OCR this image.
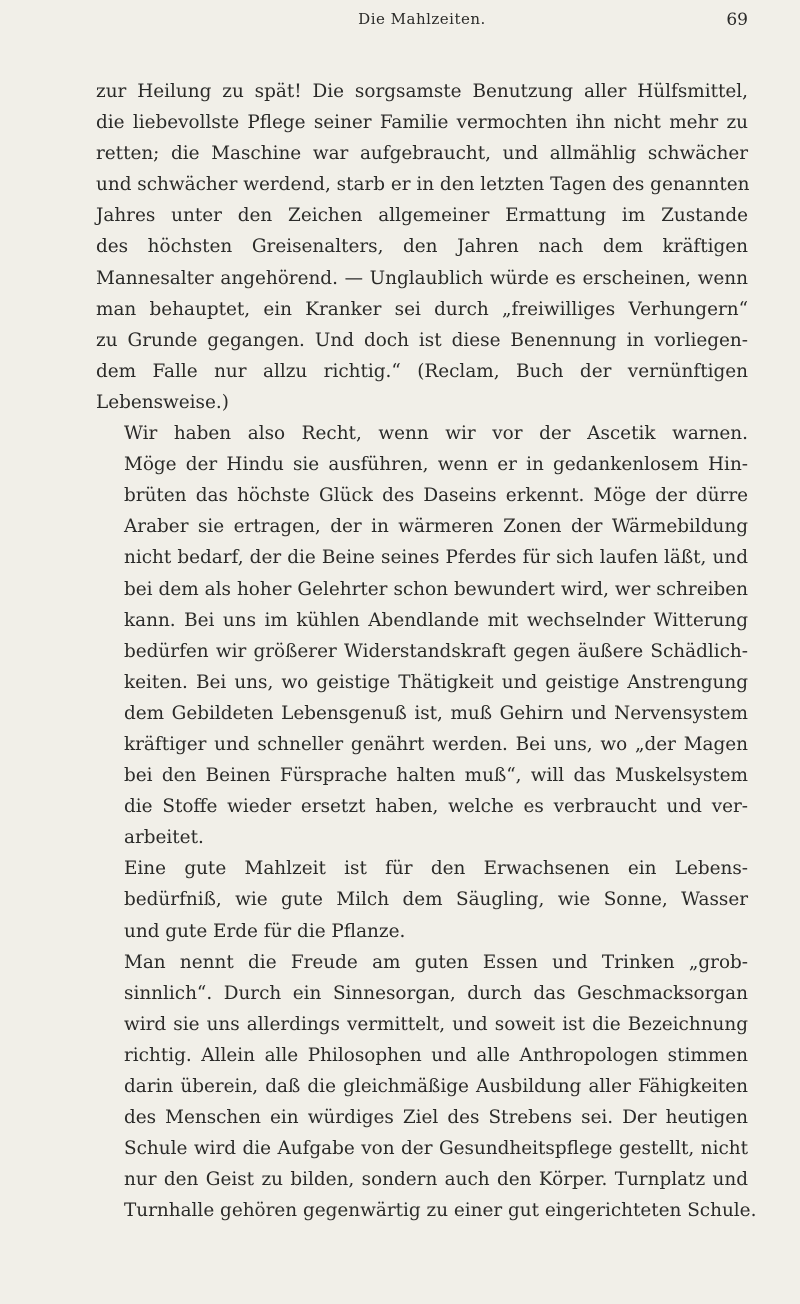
Die Mahlzeiten.	69

zur Heilung zu spät! Die sorgsamste Benutzung aller Hülfsmittel,
die liebevollste Pflege seiner Familie vermochten ihn nicht mehr zu
retten; die Maschine war aufgebraucht, und allmählig schwächer
und schwächer werdend, starb er in den letzten Tagen des genannten
Jahres unter den Zeichen allgemeiner Ermattung im Zustande
des höchsten Greisenalters, den Jahren nach dem kräftigen
Mannesalter angehörend. — Unglaublich würde es erscheinen, wenn
man behauptet, ein Kranker sei durch „freiwilliges Verhungern“
zu Grunde gegangen. Und doch ist diese Benennung in vorliegen-
dem Falle nur allzu richtig.“ (Reclam, Buch der vernünftigen
Lebensweise.)

Wir haben also Recht, wenn wir vor der Ascetik warnen.
Möge der Hindu sie ausführen, wenn er in gedankenlosem Hin-
brüten das höchste Glück des Daseins erkennt. Möge der dürre
Araber sie ertragen, der in wärmeren Zonen der Wärmebildung
nicht bedarf, der die Beine seines Pferdes für sich laufen läßt, und
bei dem als hoher Gelehrter schon bewundert wird, wer schreiben
kann. Bei uns im kühlen Abendlande mit wechselnder Witterung
bedürfen wir größerer Widerstandskraft gegen äußere Schädlich-
keiten. Bei uns, wo geistige Thätigkeit und geistige Anstrengung
dem Gebildeten Lebensgenuß ist, muß Gehirn und Nervensystem
kräftiger und schneller genährt werden. Bei uns, wo „der Magen
bei den Beinen Fürsprache halten muß“, will das Muskelsystem
die Stoffe wieder ersetzt haben, welche es verbraucht und ver-
arbeitet.

Eine gute Mahlzeit ist für den Erwachsenen ein Lebens-
bedürfniß, wie gute Milch dem Säugling, wie Sonne, Wasser
und gute Erde für die Pflanze.

Man nennt die Freude am guten Essen und Trinken „grob-
sinnlich“. Durch ein Sinnesorgan, durch das Geschmacksorgan
wird sie uns allerdings vermittelt, und soweit ist die Bezeichnung
richtig. Allein alle Philosophen und alle Anthropologen stimmen
darin überein, daß die gleichmäßige Ausbildung aller Fähigkeiten
des Menschen ein würdiges Ziel des Strebens sei. Der heutigen
Schule wird die Aufgabe von der Gesundheitspflege gestellt, nicht
nur den Geist zu bilden, sondern auch den Körper. Turnplatz und
Turnhalle gehören gegenwärtig zu einer gut eingerichteten Schule.
